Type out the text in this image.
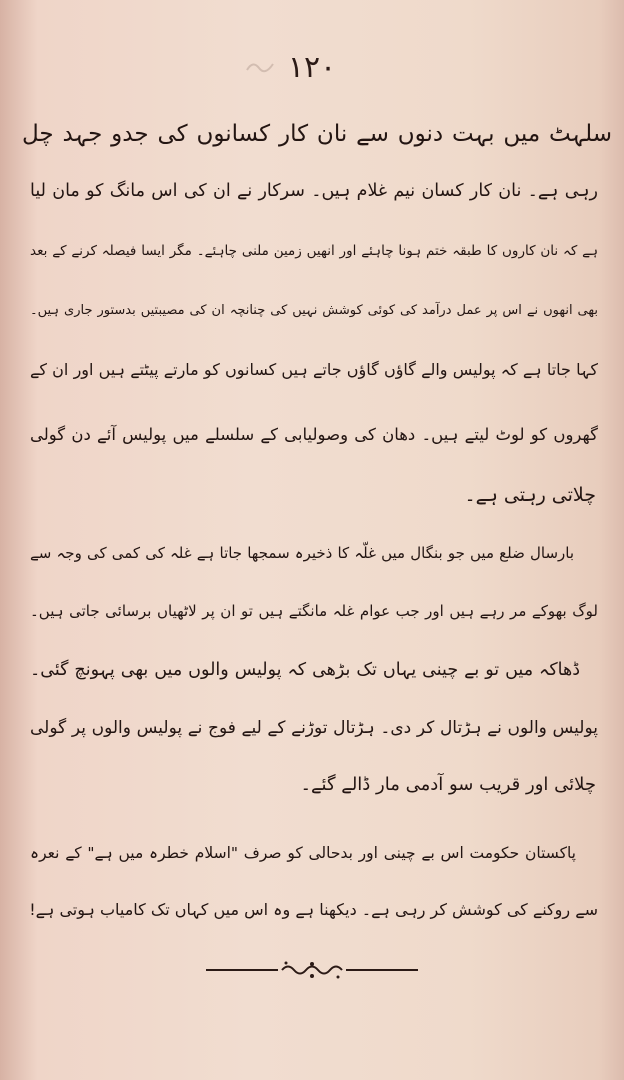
۱۲۰
سلہٹ میں بہت دنوں سے نان کار کسانوں کی جدو جہد چل
رہی ہے۔ نان کار کسان نیم غلام ہیں۔ سرکار نے ان کی اس مانگ کو مان لیا
ہے کہ نان کاروں کا طبقہ ختم ہونا چاہئے اور انھیں زمین ملنی چاہئے۔ مگر ایسا فیصلہ کرنے کے بعد
بھی انھوں نے اس پر عمل درآمد کی کوئی کوشش نہیں کی چنانچہ ان کی مصیبتیں بدستور جاری ہیں۔
کہا جاتا ہے کہ پولیس والے گاؤں گاؤں جاتے ہیں کسانوں کو مارتے پیٹتے ہیں اور ان کے
گھروں کو لوٹ لیتے ہیں۔ دھان کی وصولیابی کے سلسلے میں پولیس آئے دن گولی
چلاتی رہتی ہے۔
بارسال ضلع میں جو بنگال میں غلّہ کا ذخیرہ سمجھا جاتا ہے غلہ کی کمی کی وجہ سے
لوگ بھوکے مر رہے ہیں اور جب عوام غلہ مانگتے ہیں تو ان پر لاٹھیاں برسائی جاتی ہیں۔
ڈھاکہ میں تو بے چینی یہاں تک بڑھی کہ پولیس والوں میں بھی پہونچ گئی۔
پولیس والوں نے ہڑتال کر دی۔ ہڑتال توڑنے کے لیے فوج نے پولیس والوں پر گولی
چلائی اور قریب سو آدمی مار ڈالے گئے۔
پاکستان حکومت اس بے چینی اور بدحالی کو صرف "اسلام خطرہ میں ہے" کے نعرہ
سے روکنے کی کوشش کر رہی ہے۔ دیکھنا ہے وہ اس میں کہاں تک کامیاب ہوتی ہے!
